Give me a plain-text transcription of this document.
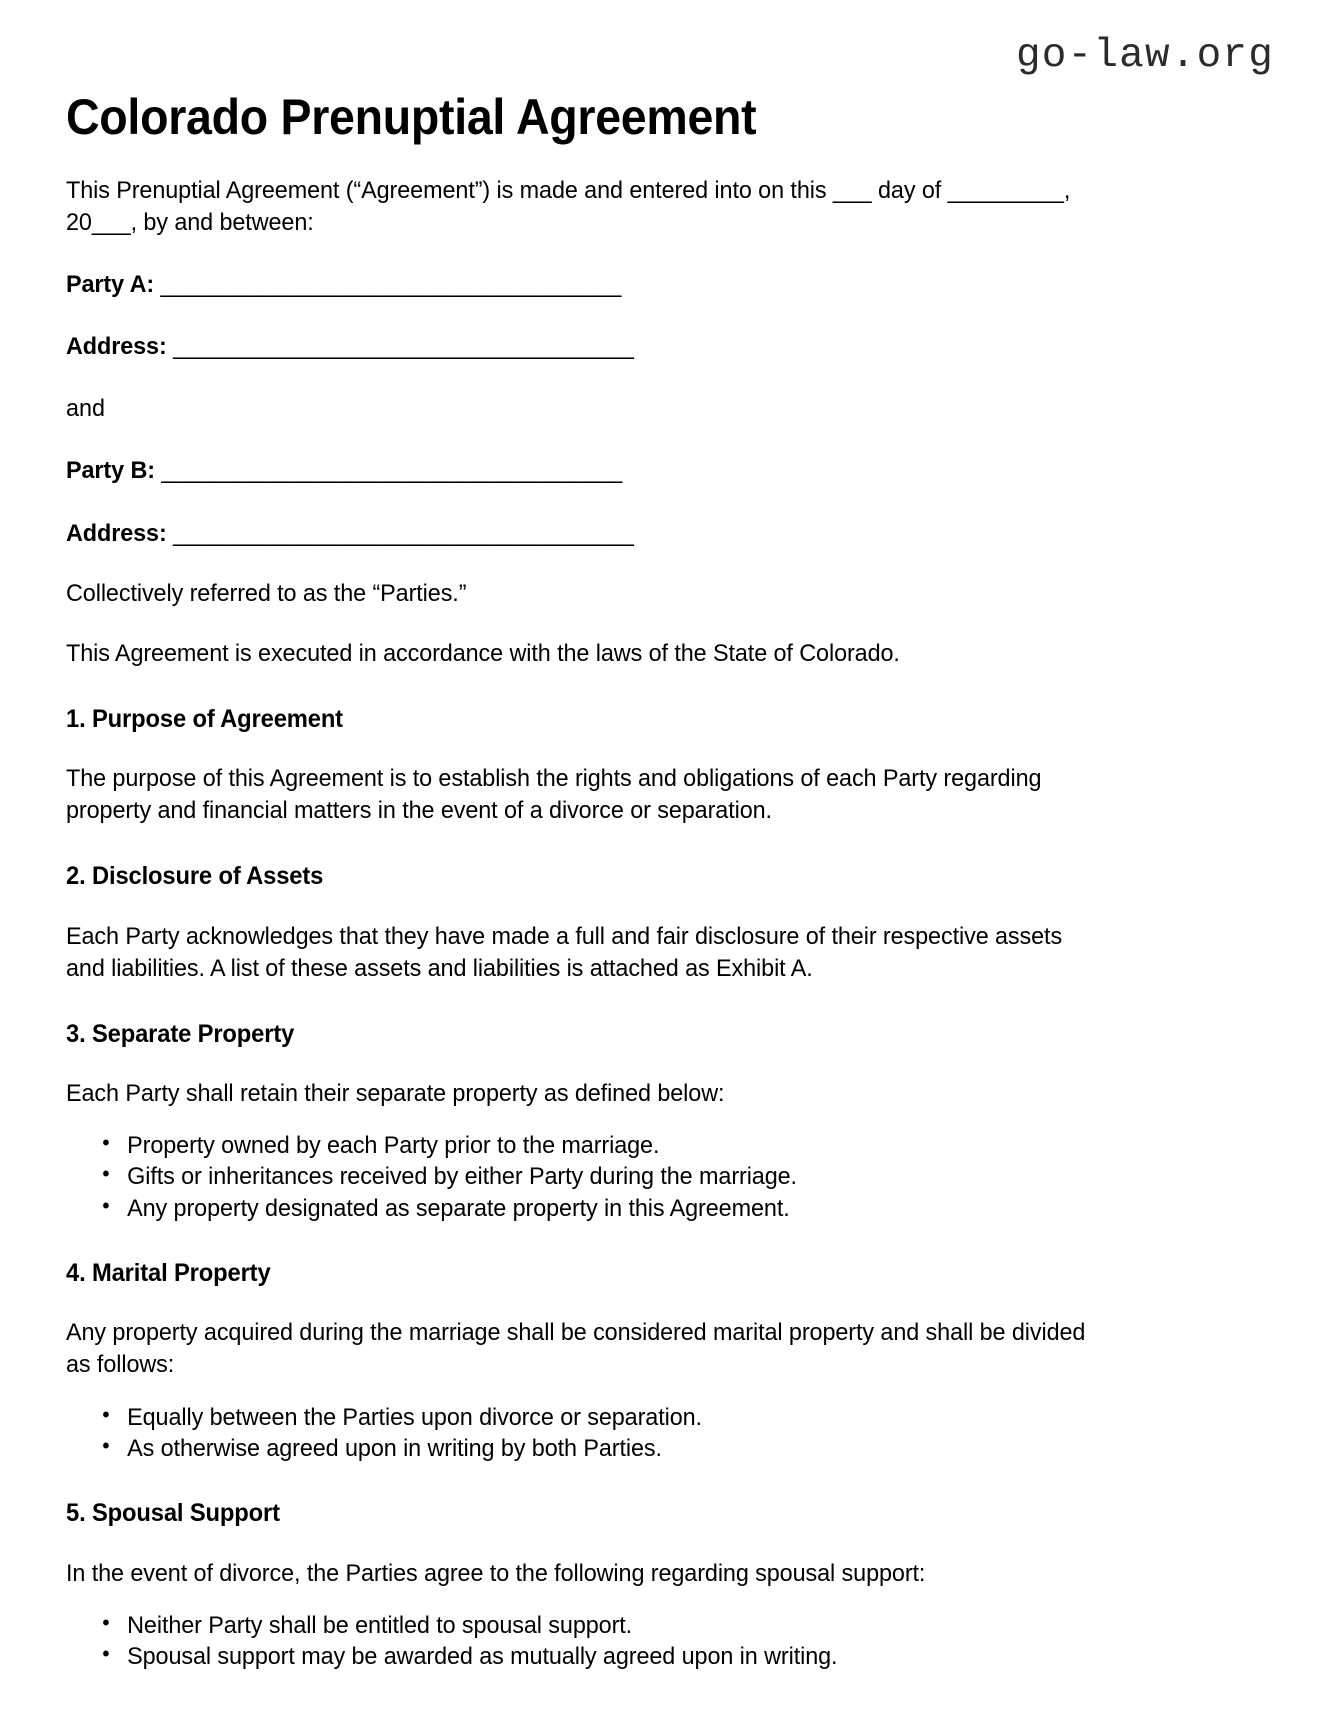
go-law.org
Colorado Prenuptial Agreement

This Prenuptial Agreement (“Agreement”) is made and entered into on this ___ day of _________, 20___, by and between:

Party A: _____________________________________

Address: _____________________________________

and

Party B: _____________________________________

Address: _____________________________________

Collectively referred to as the “Parties.”

This Agreement is executed in accordance with the laws of the State of Colorado.

1. Purpose of Agreement

The purpose of this Agreement is to establish the rights and obligations of each Party regarding property and financial matters in the event of a divorce or separation.

2. Disclosure of Assets

Each Party acknowledges that they have made a full and fair disclosure of their respective assets and liabilities. A list of these assets and liabilities is attached as Exhibit A.

3. Separate Property

Each Party shall retain their separate property as defined below:

• Property owned by each Party prior to the marriage.
• Gifts or inheritances received by either Party during the marriage.
• Any property designated as separate property in this Agreement.
4. Marital Property

Any property acquired during the marriage shall be considered marital property and shall be divided as follows:

• Equally between the Parties upon divorce or separation.
• As otherwise agreed upon in writing by both Parties.
5. Spousal Support

In the event of divorce, the Parties agree to the following regarding spousal support:

• Neither Party shall be entitled to spousal support.
• Spousal support may be awarded as mutually agreed upon in writing.
